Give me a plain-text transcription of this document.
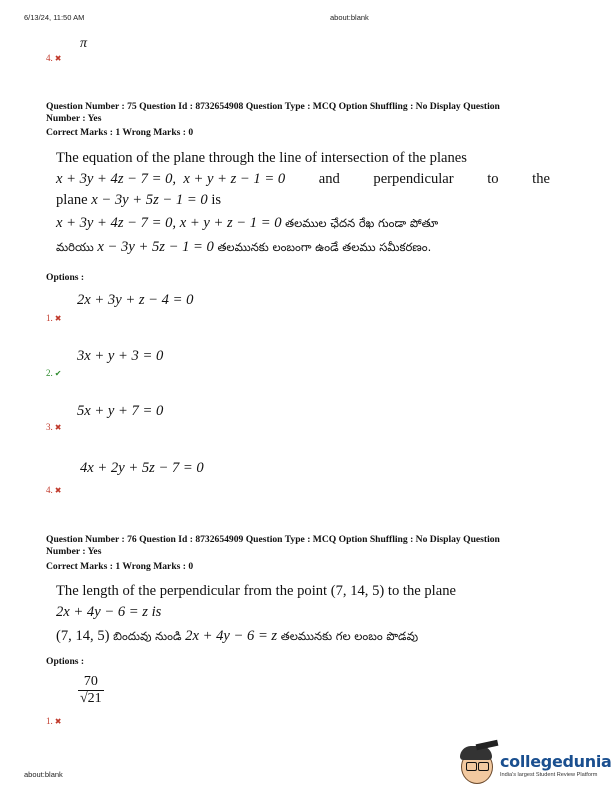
6/13/24, 11:50 AM	about:blank
π
4. ✖
Question Number : 75 Question Id : 8732654908 Question Type : MCQ Option Shuffling : No Display Question
Number : Yes
Correct Marks : 1 Wrong Marks : 0
The equation of the plane through the line of intersection of the planes
x + 3y + 4z − 7 = 0, x + y + z − 1 = 0 and perpendicular to the
plane x − 3y + 5z − 1 = 0 is
x + 3y + 4z − 7 = 0, x + y + z − 1 = 0 తలముల ఛేదన రేఖ గుండా పోతూ
మరియు x − 3y + 5z − 1 = 0 తలమునకు లంబంగా ఉండే తలము సమీకరణం.
Options :
2x + 3y + z − 4 = 0
1. ✖
3x + y + 3 = 0
2. ✔
5x + y + 7 = 0
3. ✖
4x + 2y + 5z − 7 = 0
4. ✖
Question Number : 76 Question Id : 8732654909 Question Type : MCQ Option Shuffling : No Display Question
Number : Yes
Correct Marks : 1 Wrong Marks : 0
The length of the perpendicular from the point (7, 14, 5) to the plane
2x + 4y − 6 = z is
(7, 14, 5) బిందువు నుండి 2x + 4y − 6 = z తలమునకు గల లంబం పొడవు
Options :
$\frac{70}{√21}$
1. ✖
about:blank
collegedunia
India's largest Student Review Platform
